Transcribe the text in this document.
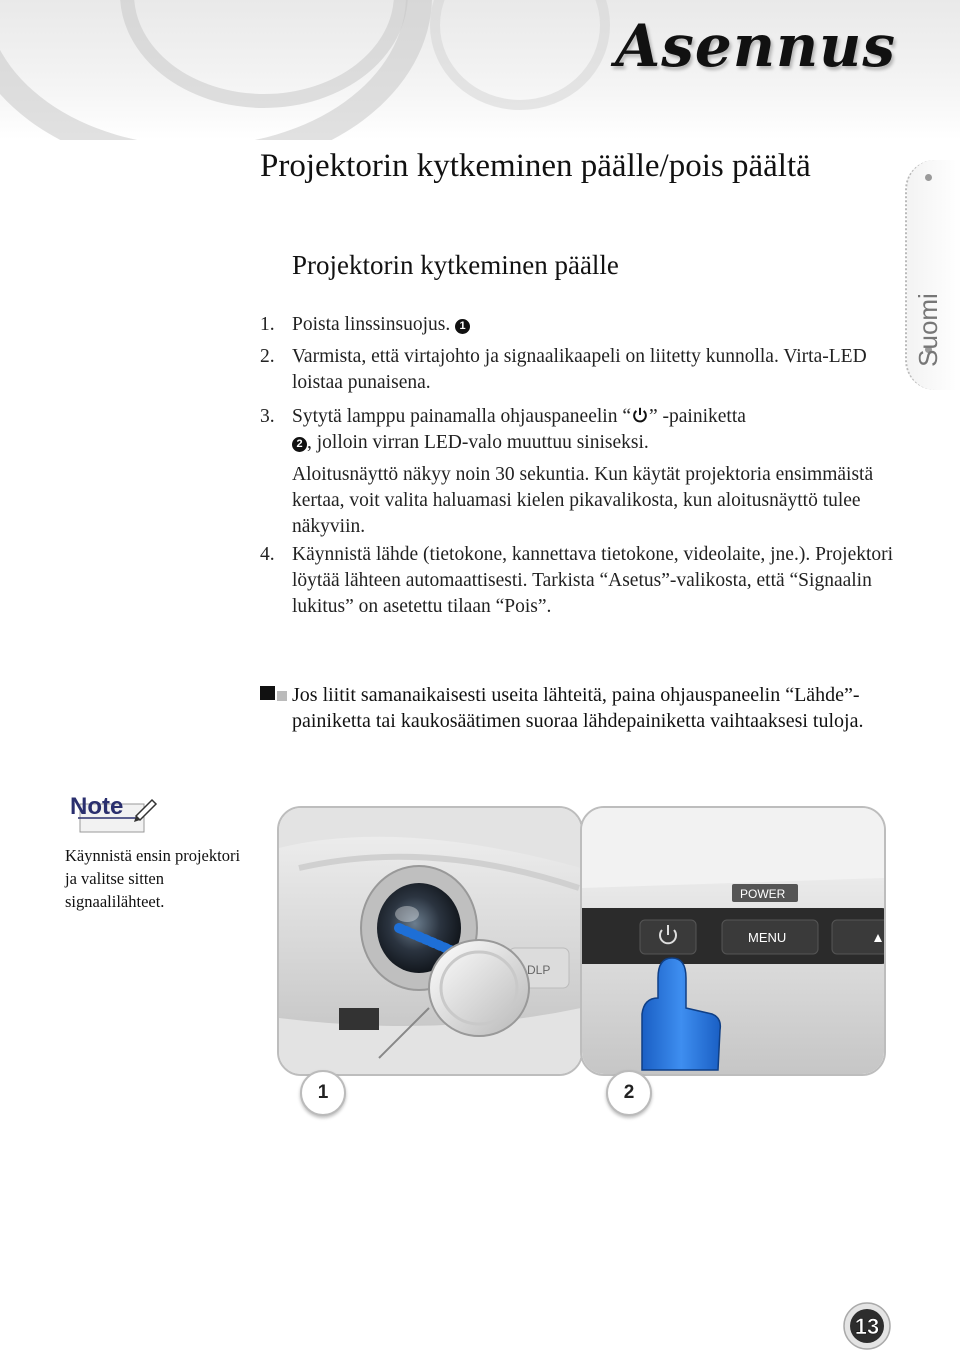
Asennus
Suomi
Projektorin kytkeminen päälle/pois päältä
Projektorin kytkeminen päälle
1. Poista linssinsuojus. 1
2. Varmista, että virtajohto ja signaalikaapeli on liitetty kunnolla. Virta-LED loistaa punaisena.
3. Sytytä lamppu painamalla ohjauspaneelin “ ” -painiketta
2 , jolloin virran LED-valo muuttuu siniseksi.
Aloitusnäyttö näkyy noin 30 sekuntia. Kun käytät projektoria ensimmäistä kertaa, voit valita haluamasi kielen pikavalikosta, kun aloitusnäyttö tulee näkyviin.
4. Käynnistä lähde (tietokone, kannettava tietokone, videolaite, jne.). Projektori löytää lähteen automaattisesti. Tarkista “Asetus”-valikosta, että “Signaalin lukitus” on asetettu tilaan “Pois”.
Jos liitit samanaikaisesti useita lähteitä, paina ohjauspaneelin “Lähde”-painiketta tai kaukosäätimen suoraa lähdepainiketta vaihtaaksesi tuloja.
Note
Käynnistä ensin projektori ja valitse sitten signaalilähteet.
DLP
POWER
MENU
1	2
13
